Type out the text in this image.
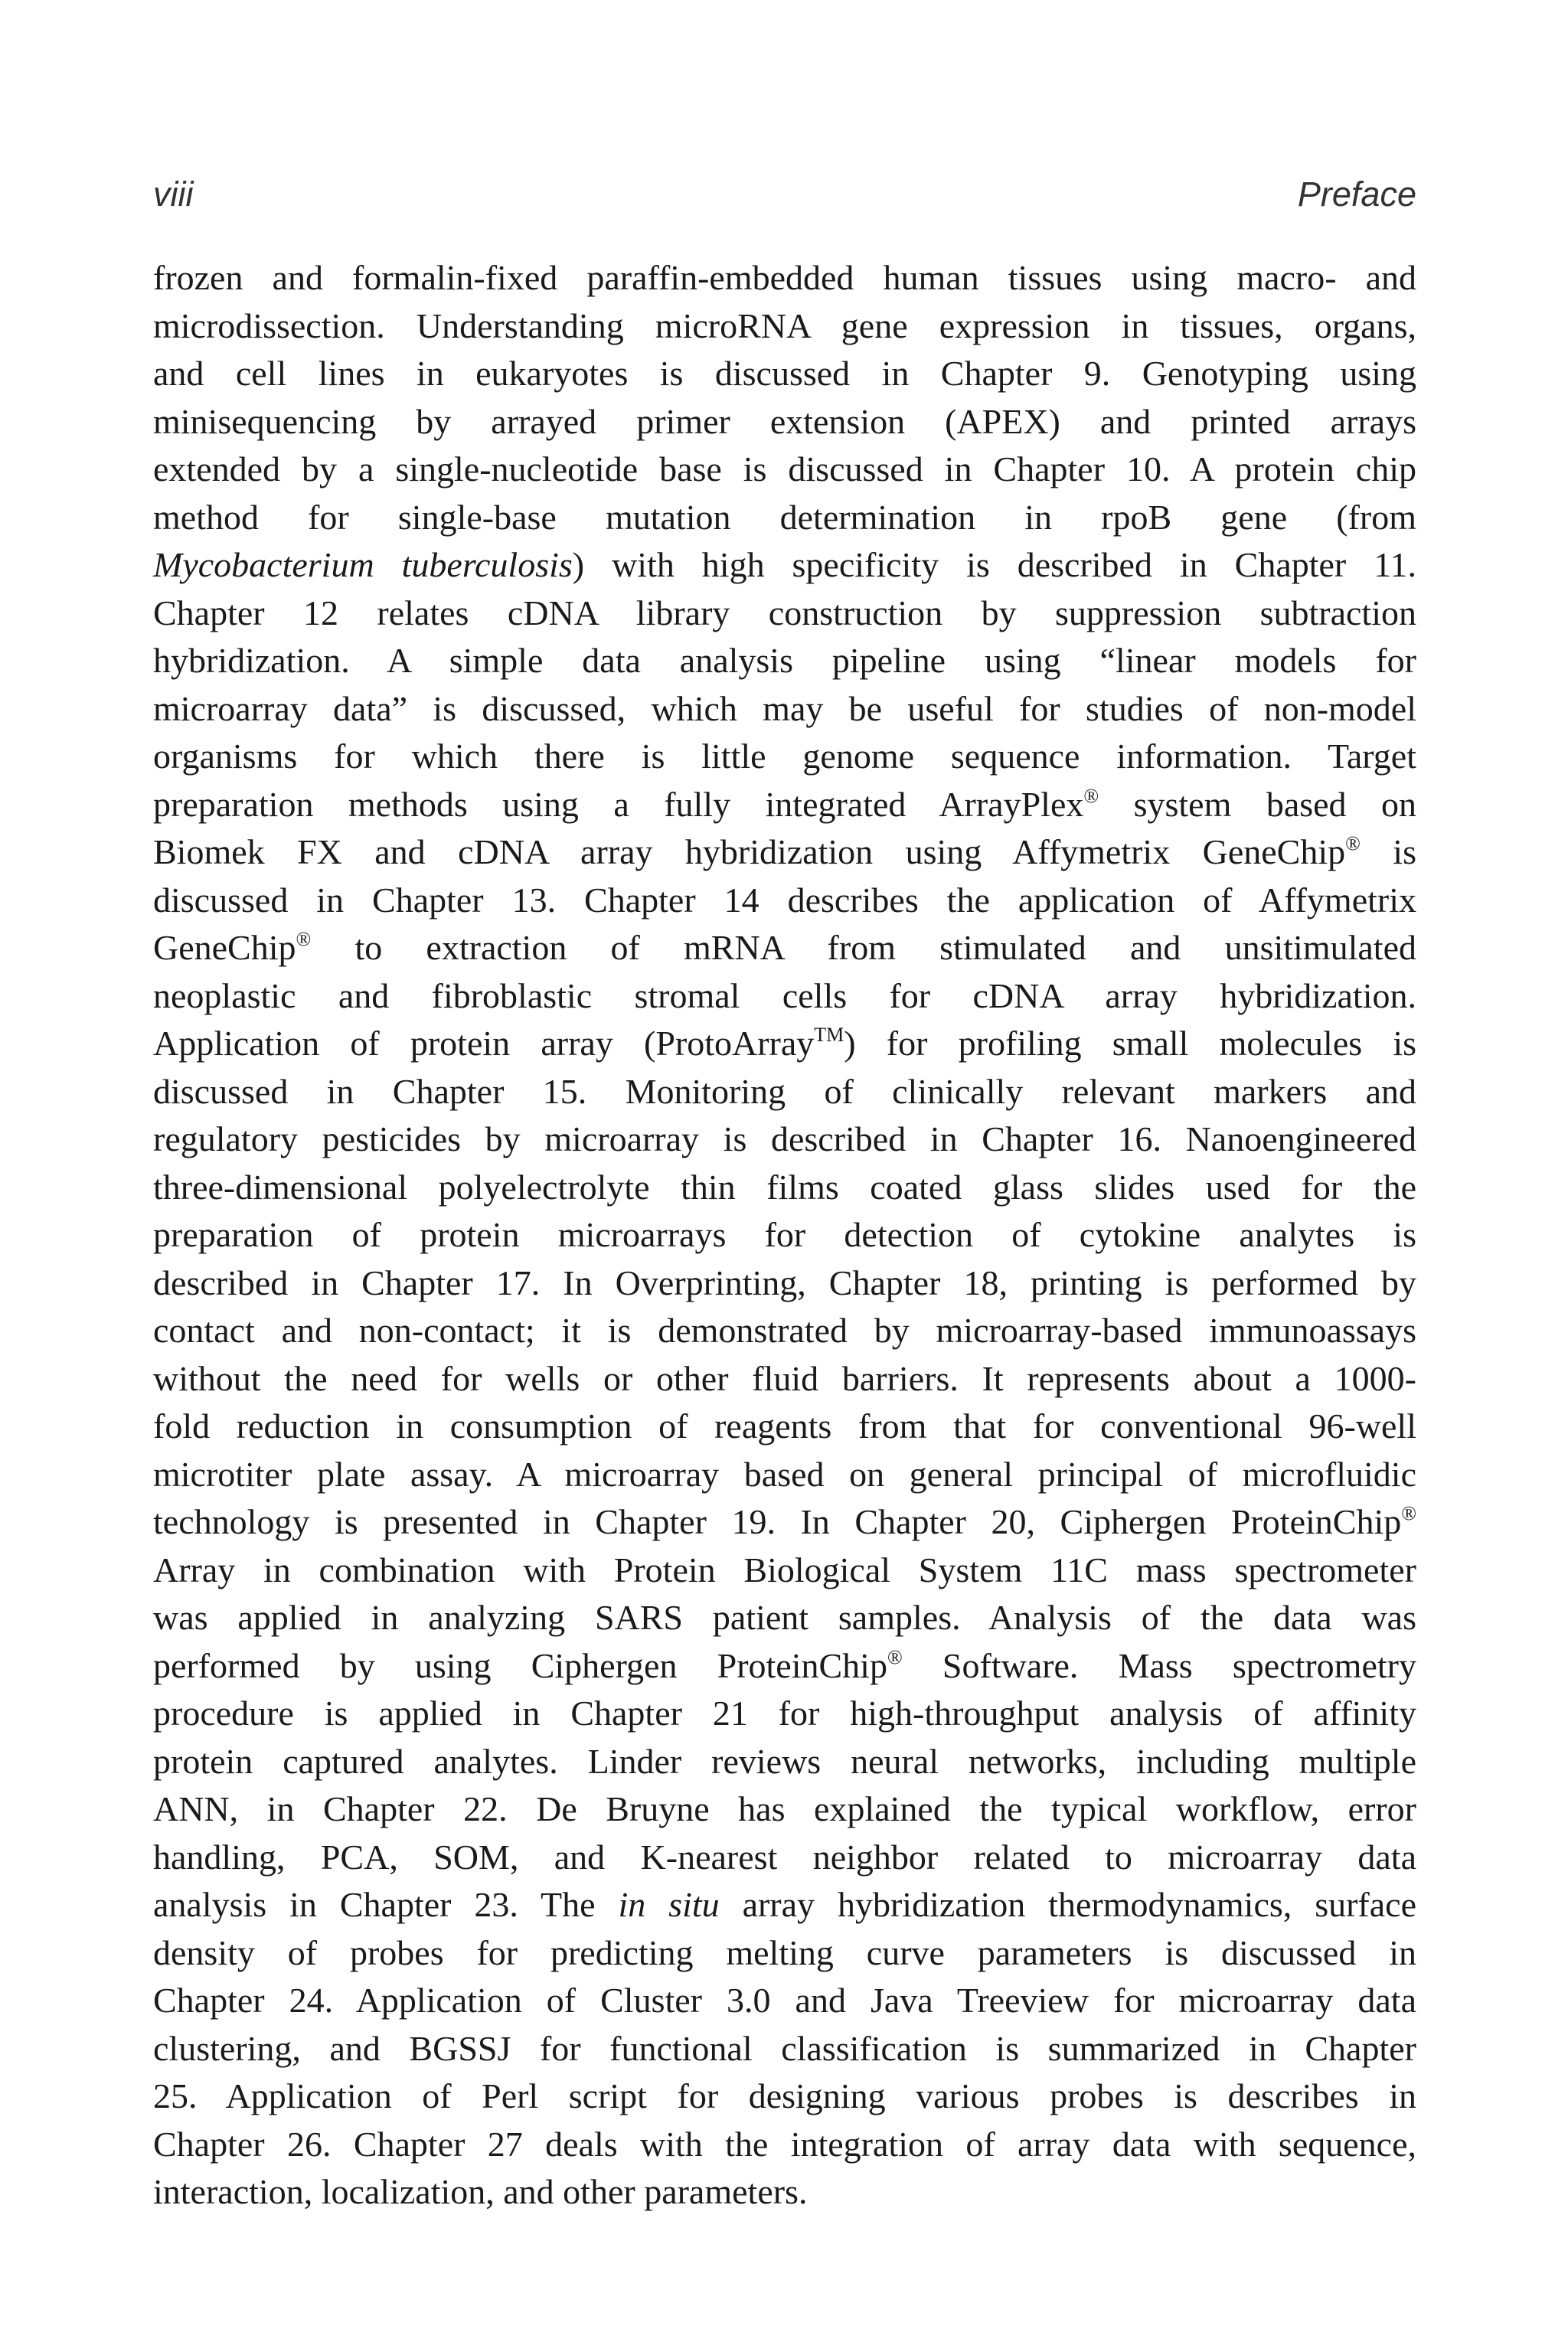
viii	Preface
frozen and formalin-fixed paraffin-embedded human tissues using macro- and
microdissection. Understanding microRNA gene expression in tissues, organs,
and cell lines in eukaryotes is discussed in Chapter 9. Genotyping using
minisequencing by arrayed primer extension (APEX) and printed arrays
extended by a single-nucleotide base is discussed in Chapter 10. A protein chip
method for single-base mutation determination in rpoB gene (from
Mycobacterium tuberculosis) with high specificity is described in Chapter 11.
Chapter 12 relates cDNA library construction by suppression subtraction
hybridization. A simple data analysis pipeline using “linear models for
microarray data” is discussed, which may be useful for studies of non-model
organisms for which there is little genome sequence information. Target
preparation methods using a fully integrated ArrayPlex® system based on
Biomek FX and cDNA array hybridization using Affymetrix GeneChip® is
discussed in Chapter 13. Chapter 14 describes the application of Affymetrix
GeneChip® to extraction of mRNA from stimulated and unsitimulated
neoplastic and fibroblastic stromal cells for cDNA array hybridization.
Application of protein array (ProtoArray™) for profiling small molecules is
discussed in Chapter 15. Monitoring of clinically relevant markers and
regulatory pesticides by microarray is described in Chapter 16. Nanoengineered
three-dimensional polyelectrolyte thin films coated glass slides used for the
preparation of protein microarrays for detection of cytokine analytes is
described in Chapter 17. In Overprinting, Chapter 18, printing is performed by
contact and non-contact; it is demonstrated by microarray-based immunoassays
without the need for wells or other fluid barriers. It represents about a 1000-
fold reduction in consumption of reagents from that for conventional 96-well
microtiter plate assay. A microarray based on general principal of microfluidic
technology is presented in Chapter 19. In Chapter 20, Ciphergen ProteinChip®
Array in combination with Protein Biological System 11C mass spectrometer
was applied in analyzing SARS patient samples. Analysis of the data was
performed by using Ciphergen ProteinChip® Software. Mass spectrometry
procedure is applied in Chapter 21 for high-throughput analysis of affinity
protein captured analytes. Linder reviews neural networks, including multiple
ANN, in Chapter 22. De Bruyne has explained the typical workflow, error
handling, PCA, SOM, and K-nearest neighbor related to microarray data
analysis in Chapter 23. The in situ array hybridization thermodynamics, surface
density of probes for predicting melting curve parameters is discussed in
Chapter 24. Application of Cluster 3.0 and Java Treeview for microarray data
clustering, and BGSSJ for functional classification is summarized in Chapter
25. Application of Perl script for designing various probes is describes in
Chapter 26. Chapter 27 deals with the integration of array data with sequence,
interaction, localization, and other parameters.
